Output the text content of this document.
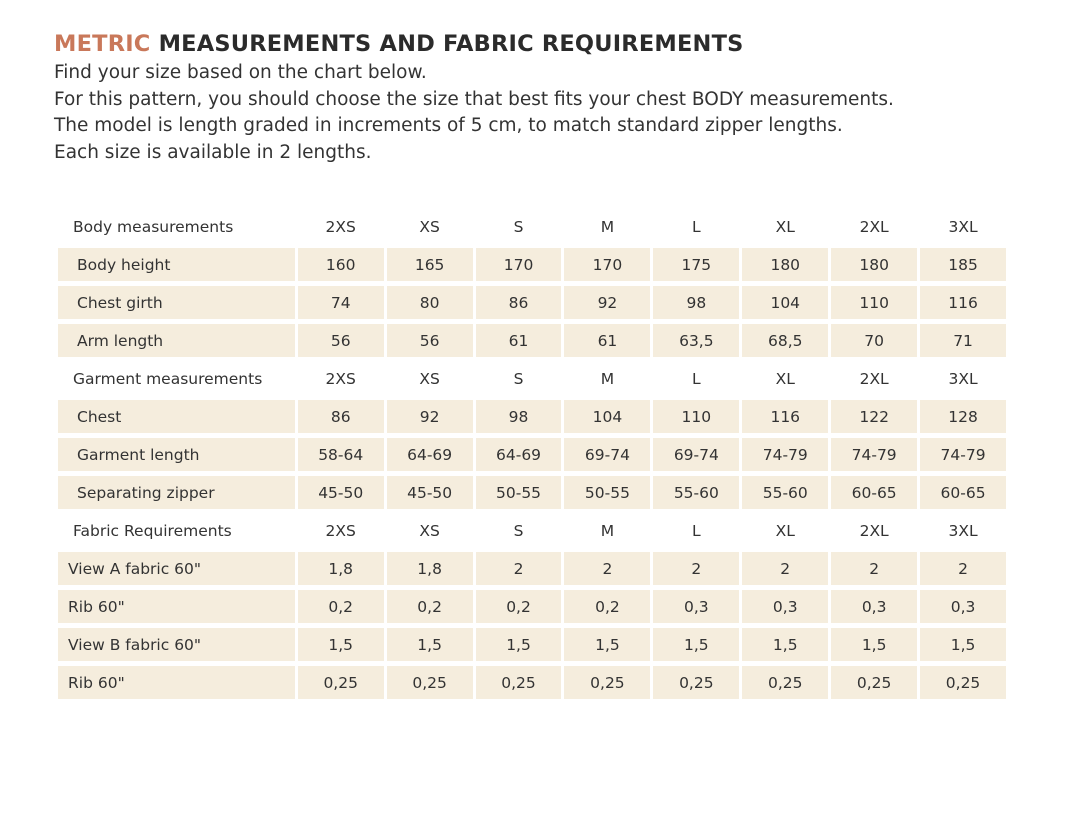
METRIC MEASUREMENTS AND FABRIC REQUIREMENTS
Find your size based on the chart below.
For this pattern, you should choose the size that best fits your chest BODY measurements.
The model is length graded in increments of 5 cm, to match standard zipper lengths.
Each size is available in 2 lengths.
Body measurements	2XS	XS	S	M	L	XL	2XL	3XL
Body height	160	165	170	170	175	180	180	185
Chest girth	74	80	86	92	98	104	110	116
Arm length	56	56	61	61	63,5	68,5	70	71
Garment measurements	2XS	XS	S	M	L	XL	2XL	3XL
Chest	86	92	98	104	110	116	122	128
Garment length	58-64	64-69	64-69	69-74	69-74	74-79	74-79	74-79
Separating zipper	45-50	45-50	50-55	50-55	55-60	55-60	60-65	60-65
Fabric Requirements	2XS	XS	S	M	L	XL	2XL	3XL
View A fabric 60"	1,8	1,8	2	2	2	2	2	2
Rib 60"	0,2	0,2	0,2	0,2	0,3	0,3	0,3	0,3
View B fabric 60"	1,5	1,5	1,5	1,5	1,5	1,5	1,5	1,5
Rib 60"	0,25	0,25	0,25	0,25	0,25	0,25	0,25	0,25
